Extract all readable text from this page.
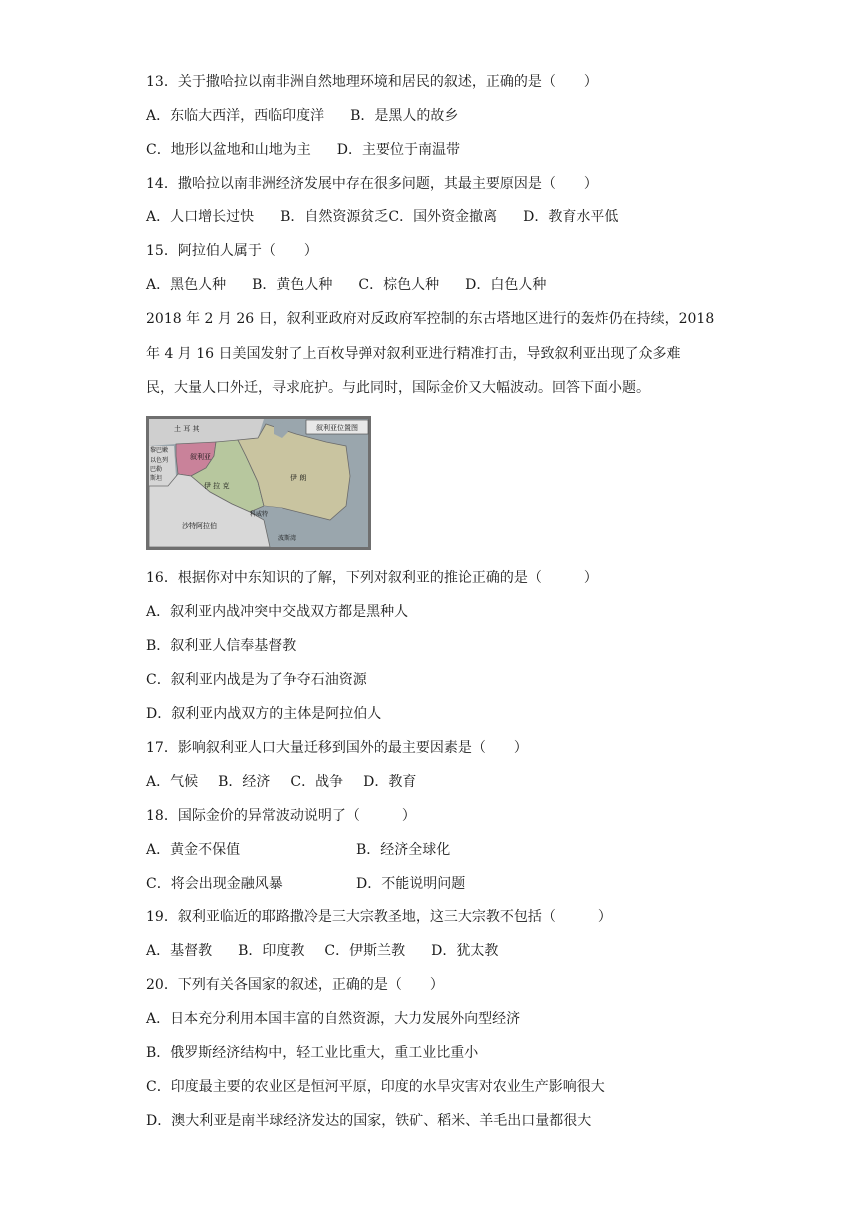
13．关于撒哈拉以南非洲自然地理环境和居民的叙述，正确的是（　　）
A．东临大西洋，西临印度洋 B．是黑人的故乡
C．地形以盆地和山地为主 D．主要位于南温带
14．撒哈拉以南非洲经济发展中存在很多问题，其最主要原因是（　　）
A．人口增长过快 B．自然资源贫乏C．国外资金撤离 D．教育水平低
15．阿拉伯人属于（　　）
A．黑色人种 B．黄色人种 C．棕色人种 D．白色人种
2018 年 2 月 26 日，叙利亚政府对反政府军控制的东古塔地区进行的轰炸仍在持续，2018
年 4 月 16 日美国发射了上百枚导弹对叙利亚进行精准打击，导致叙利亚出现了众多难
民，大量人口外迁，寻求庇护。与此同时，国际金价又大幅波动。回答下面小题。
叙利亚位置图
土 耳 其
叙利亚
黎巴嫩
以色列
巴勒
斯坦
伊 拉 克
伊 朗
科威特
沙特阿拉伯
波斯湾
16．根据你对中东知识的了解，下列对叙利亚的推论正确的是（　　　）
A．叙利亚内战冲突中交战双方都是黑种人
B．叙利亚人信奉基督教
C．叙利亚内战是为了争夺石油资源
D．叙利亚内战双方的主体是阿拉伯人
17．影响叙利亚人口大量迁移到国外的最主要因素是（　　）
A．气候 B．经济 C．战争 D．教育
18．国际金价的异常波动说明了（　　　）
A．黄金不保值	B．经济全球化
C．将会出现金融风暴	D．不能说明问题
19．叙利亚临近的耶路撒冷是三大宗教圣地，这三大宗教不包括（　　　）
A．基督教 B．印度教 C．伊斯兰教 D．犹太教
20．下列有关各国家的叙述，正确的是（　　）
A．日本充分利用本国丰富的自然资源，大力发展外向型经济
B．俄罗斯经济结构中，轻工业比重大，重工业比重小
C．印度最主要的农业区是恒河平原，印度的水旱灾害对农业生产影响很大
D．澳大利亚是南半球经济发达的国家，铁矿、稻米、羊毛出口量都很大
